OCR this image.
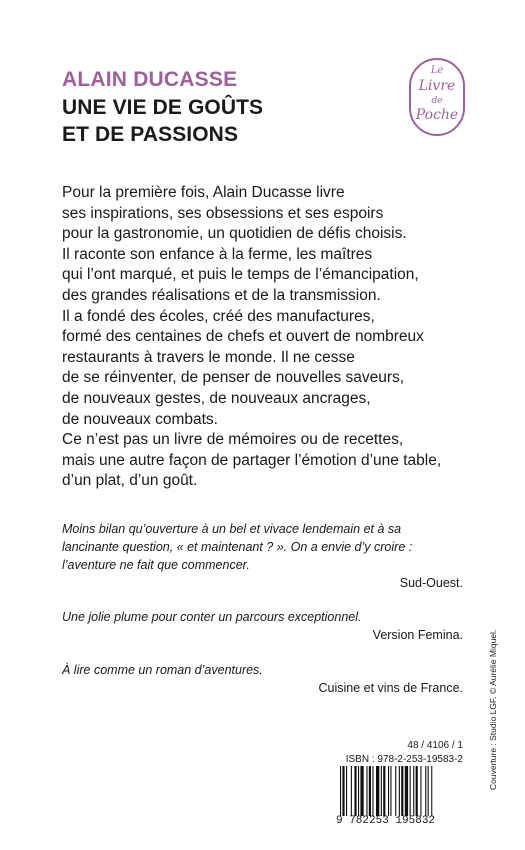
ALAIN DUCASSE
UNE VIE DE GOÛTS
ET DE PASSIONS
Le
Livre
de
Poche
Pour la première fois, Alain Ducasse livre
ses inspirations, ses obsessions et ses espoirs
pour la gastronomie, un quotidien de défis choisis.
Il raconte son enfance à la ferme, les maîtres
qui l’ont marqué, et puis le temps de l’émancipation,
des grandes réalisations et de la transmission.
Il a fondé des écoles, créé des manufactures,
formé des centaines de chefs et ouvert de nombreux
restaurants à travers le monde. Il ne cesse
de se réinventer, de penser de nouvelles saveurs,
de nouveaux gestes, de nouveaux ancrages,
de nouveaux combats.
Ce n’est pas un livre de mémoires ou de recettes,
mais une autre façon de partager l’émotion d’une table,
d’un plat, d’un goût.
Moins bilan qu’ouverture à un bel et vivace lendemain et à sa
lancinante question, « et maintenant ? ». On a envie d’y croire :
l’aventure ne fait que commencer.
Sud-Ouest.
Une jolie plume pour conter un parcours exceptionnel.
Version Femina.
À lire comme un roman d’aventures.
Cuisine et vins de France.	Couverture : Studio LGF. © Aurélie Miquel.
48 / 4106 / 1
ISBN : 978-2-253-19583-2
9 782253 195832
